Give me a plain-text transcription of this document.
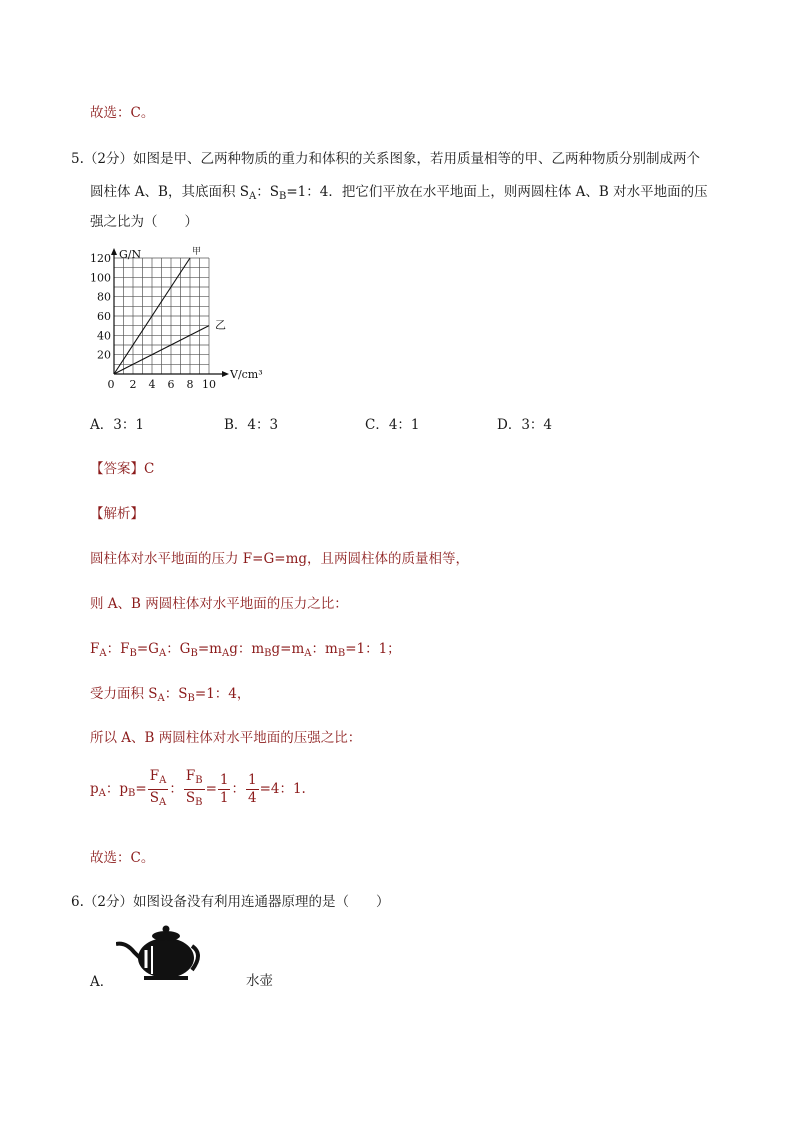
故选：C。
5.（2分）如图是甲、乙两种物质的重力和体积的关系图象，若用质量相等的甲、乙两种物质分别制成两个
圆柱体 A、B，其底面积 $S_A$：$S_B=1$：4．把它们平放在水平地面上，则两圆柱体 A、B 对水平地面的压
强之比为（　　）
甲
乙
20
40
60
80
100
120
0 2 4 6 8 10
G/N
V/cm³
A．3：1	B．4：3	C．4：1	D．3：4
【答案】C
【解析】
圆柱体对水平地面的压力 F=G=mg，且两圆柱体的质量相等，
则 A、B 两圆柱体对水平地面的压力之比：
$F_A$：$F_B=G_A$：$G_B=m_Ag$：$m_Bg=m_A$：$m_B=1$：1；
受力面积 $S_A$：$S_B=1$：4，
所以 A、B 两圆柱体对水平地面的压强之比：
$p_A$：$p_B= \frac{F_A}{S_A}$ ： $\frac{F_B}{S_B} = \frac{1}{1}$ ： $\frac{1}{4} =4$：1.
故选：C。
6.（2分）如图设备没有利用连通器原理的是（　　）
A．	水壶
